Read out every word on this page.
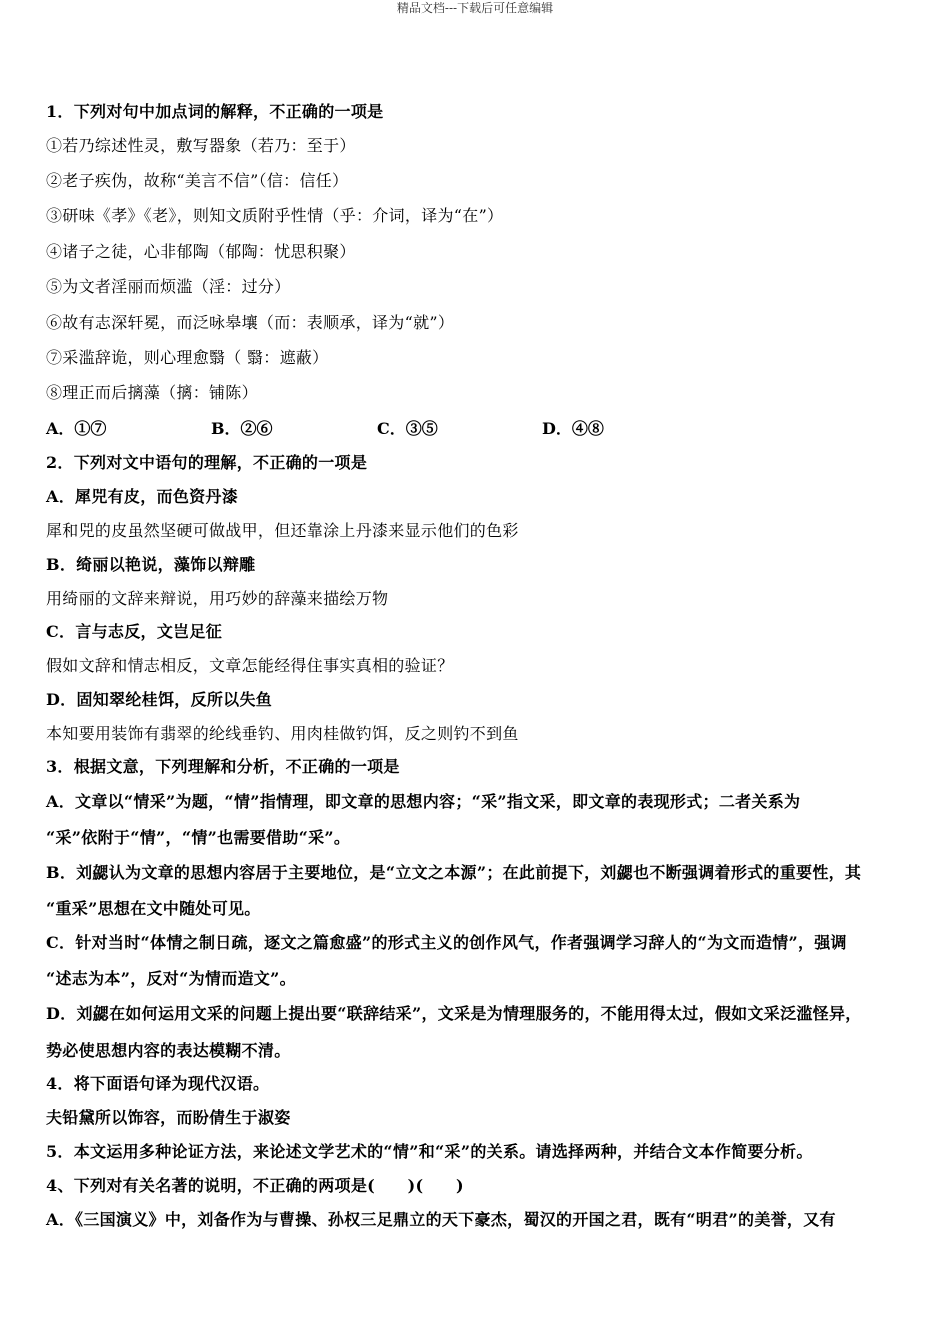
精品文档---下载后可任意编辑
1．下列对句中加点词的解释，不正确的一项是
①若乃综述性灵，敷写器象（若乃：至于）
②老子疾伪，故称“美言不信”（信：信任）
③研味《孝》《老》，则知文质附乎性情（乎：介词，译为“在”）
④诸子之徒，心非郁陶（郁陶：忧思积聚）
⑤为文者淫丽而烦滥（淫：过分）
⑥故有志深轩冕，而泛咏皋壤（而：表顺承，译为“就”）
⑦采滥辞诡，则心理愈翳（ 翳：遮蔽）
⑧理正而后摛藻（摛：铺陈）
A．①⑦	B．②⑥	C．③⑤	D．④⑧
2．下列对文中语句的理解，不正确的一项是
A．犀兕有皮，而色资丹漆
犀和兕的皮虽然坚硬可做战甲，但还靠涂上丹漆来显示他们的色彩
B．绮丽以艳说，藻饰以辩雕
用绮丽的文辞来辩说，用巧妙的辞藻来描绘万物
C．言与志反，文岂足征
假如文辞和情志相反，文章怎能经得住事实真相的验证？
D．固知翠纶桂饵，反所以失鱼
本知要用装饰有翡翠的纶线垂钓、用肉桂做钓饵，反之则钓不到鱼
3．根据文意，下列理解和分析，不正确的一项是
A．文章以“情采”为题，“情”指情理，即文章的思想内容；“采”指文采，即文章的表现形式；二者关系为
“采”依附于“情”，“情”也需要借助“采”。
B．刘勰认为文章的思想内容居于主要地位，是“立文之本源”；在此前提下，刘勰也不断强调着形式的重要性，其
“重采”思想在文中随处可见。
C．针对当时“体情之制日疏，逐文之篇愈盛”的形式主义的创作风气，作者强调学习辞人的“为文而造情”，强调
“述志为本”，反对“为情而造文”。
D．刘勰在如何运用文采的问题上提出要“联辞结采”，文采是为情理服务的，不能用得太过，假如文采泛滥怪异，
势必使思想内容的表达模糊不清。
4．将下面语句译为现代汉语。
夫铅黛所以饰容，而盼倩生于淑姿
5．本文运用多种论证方法，来论述文学艺术的“情”和“采”的关系。请选择两种，并结合文本作简要分析。
4、下列对有关名著的说明，不正确的两项是(　　)(　　)
A．《三国演义》中，刘备作为与曹操、孙权三足鼎立的天下豪杰，蜀汉的开国之君，既有“明君”的美誉，又有
